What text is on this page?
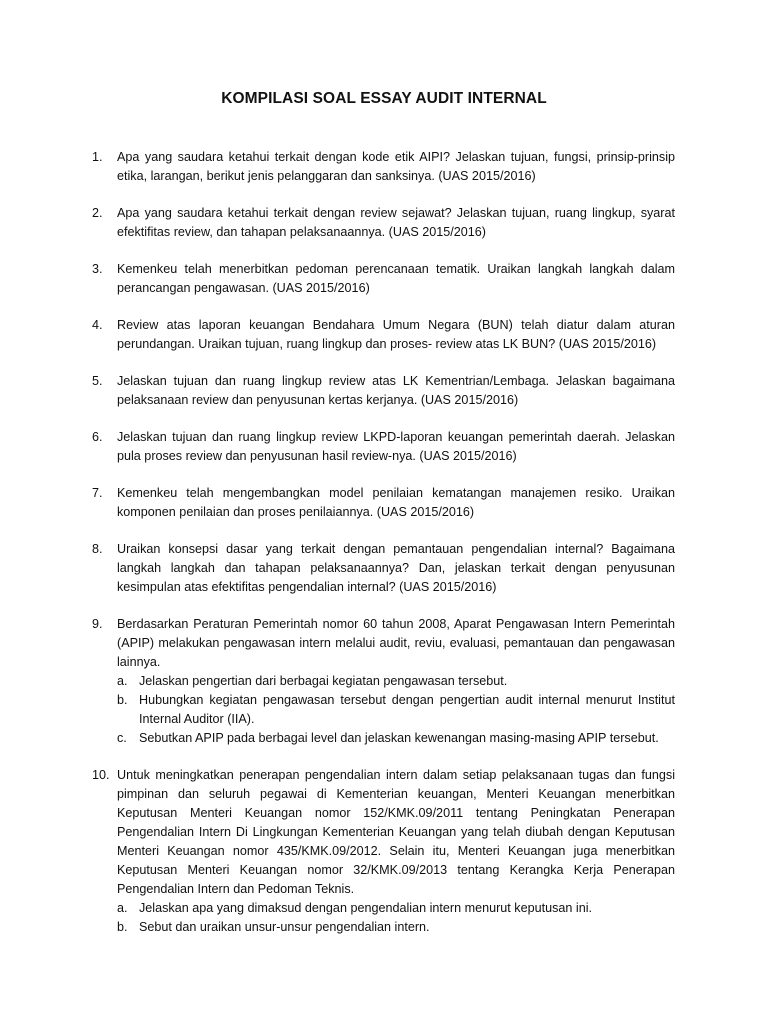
KOMPILASI SOAL ESSAY AUDIT INTERNAL
1. Apa yang saudara ketahui terkait dengan kode etik AIPI? Jelaskan tujuan, fungsi, prinsip-prinsip etika, larangan, berikut jenis pelanggaran dan sanksinya. (UAS 2015/2016)
2. Apa yang saudara ketahui terkait dengan review sejawat? Jelaskan tujuan, ruang lingkup, syarat efektifitas review, dan tahapan pelaksanaannya. (UAS 2015/2016)
3. Kemenkeu telah menerbitkan pedoman perencanaan tematik. Uraikan langkah langkah dalam perancangan pengawasan. (UAS 2015/2016)
4. Review atas laporan keuangan Bendahara Umum Negara (BUN) telah diatur dalam aturan perundangan. Uraikan tujuan, ruang lingkup dan proses- review atas LK BUN? (UAS 2015/2016)
5. Jelaskan tujuan dan ruang lingkup review atas LK Kementrian/Lembaga. Jelaskan bagaimana pelaksanaan review dan penyusunan kertas kerjanya. (UAS 2015/2016)
6. Jelaskan tujuan dan ruang lingkup review LKPD-laporan keuangan pemerintah daerah. Jelaskan pula proses review dan penyusunan hasil review-nya. (UAS 2015/2016)
7. Kemenkeu telah mengembangkan model penilaian kematangan manajemen resiko. Uraikan komponen penilaian dan proses penilaiannya. (UAS 2015/2016)
8. Uraikan konsepsi dasar yang terkait dengan pemantauan pengendalian internal? Bagaimana langkah langkah dan tahapan pelaksanaannya? Dan, jelaskan terkait dengan penyusunan kesimpulan atas efektifitas pengendalian internal? (UAS 2015/2016)
9. Berdasarkan Peraturan Pemerintah nomor 60 tahun 2008, Aparat Pengawasan Intern Pemerintah (APIP) melakukan pengawasan intern melalui audit, reviu, evaluasi, pemantauan dan pengawasan lainnya.
a. Jelaskan pengertian dari berbagai kegiatan pengawasan tersebut.
b. Hubungkan kegiatan pengawasan tersebut dengan pengertian audit internal menurut Institut Internal Auditor (IIA).
c. Sebutkan APIP pada berbagai level dan jelaskan kewenangan masing-masing APIP tersebut.
10. Untuk meningkatkan penerapan pengendalian intern dalam setiap pelaksanaan tugas dan fungsi pimpinan dan seluruh pegawai di Kementerian keuangan, Menteri Keuangan menerbitkan Keputusan Menteri Keuangan nomor 152/KMK.09/2011 tentang Peningkatan Penerapan Pengendalian Intern Di Lingkungan Kementerian Keuangan yang telah diubah dengan Keputusan Menteri Keuangan nomor 435/KMK.09/2012. Selain itu, Menteri Keuangan juga menerbitkan Keputusan Menteri Keuangan nomor 32/KMK.09/2013 tentang Kerangka Kerja Penerapan Pengendalian Intern dan Pedoman Teknis.
a. Jelaskan apa yang dimaksud dengan pengendalian intern menurut keputusan ini.
b. Sebut dan uraikan unsur-unsur pengendalian intern.
